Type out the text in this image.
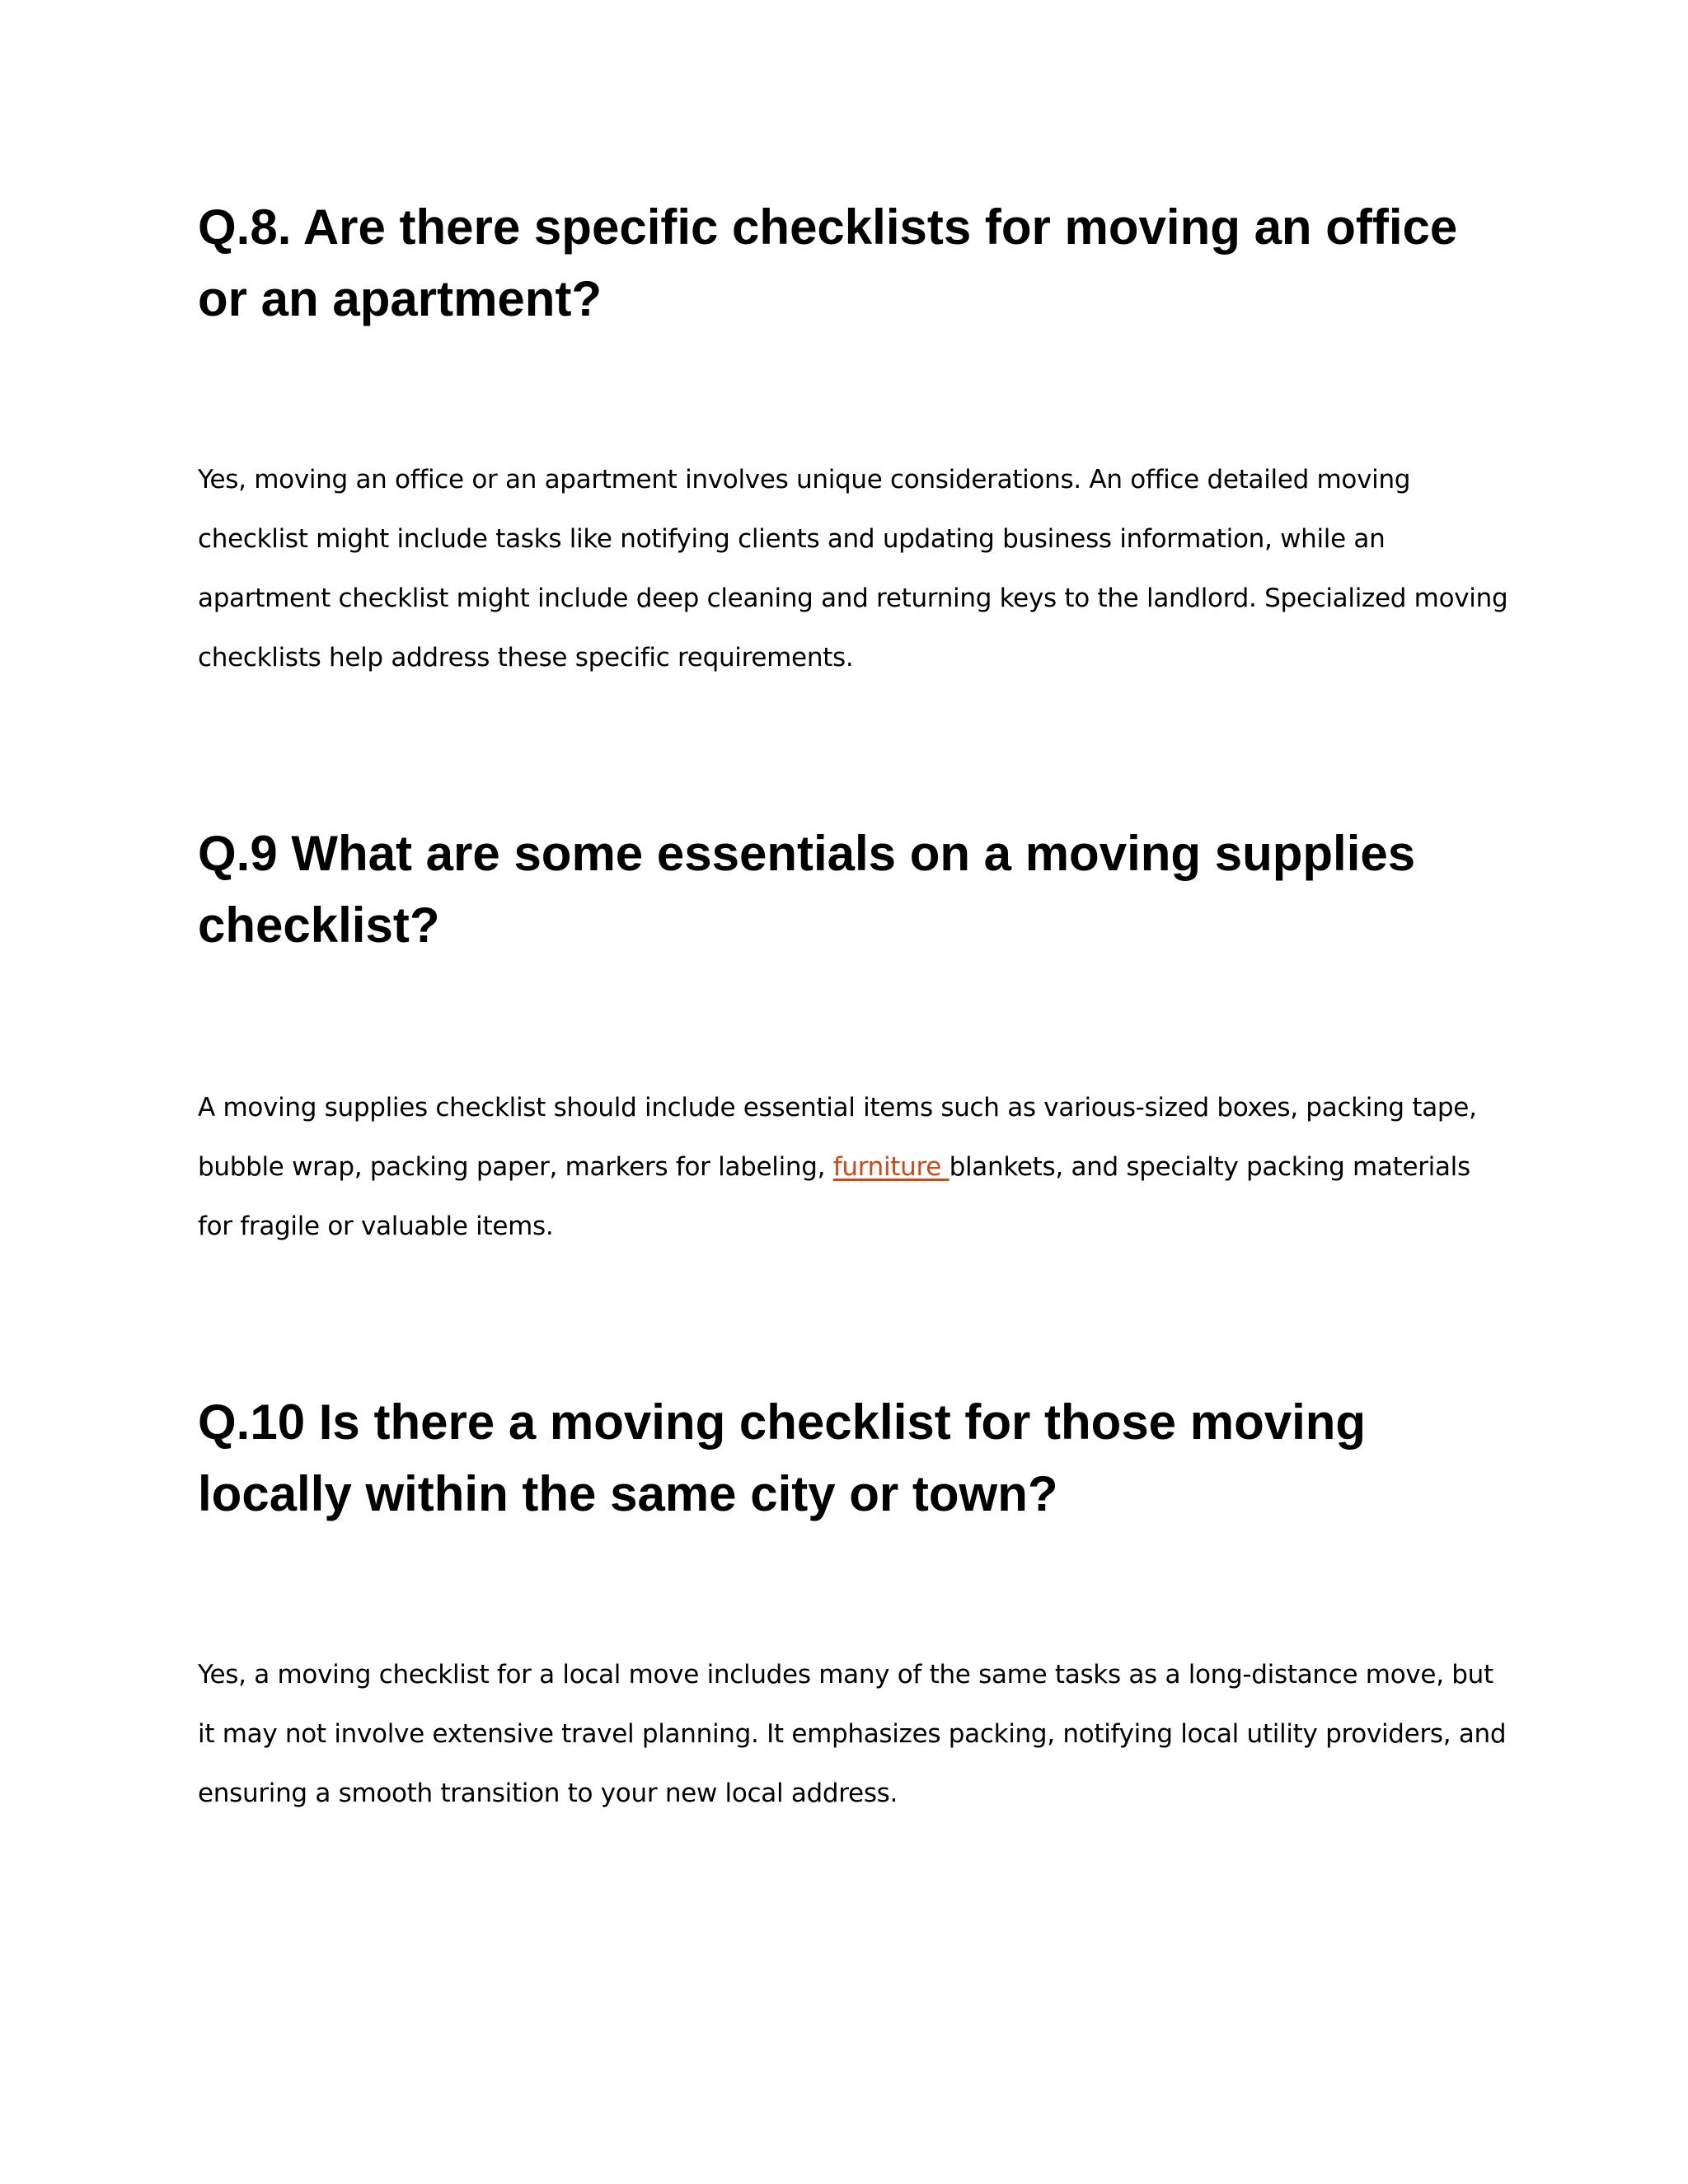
Q.8. Are there specific checklists for moving an office or an apartment?

Yes, moving an office or an apartment involves unique considerations. An office detailed moving checklist might include tasks like notifying clients and updating business information, while an apartment checklist might include deep cleaning and returning keys to the landlord. Specialized moving checklists help address these specific requirements.

Q.9 What are some essentials on a moving supplies checklist?

A moving supplies checklist should include essential items such as various-sized boxes, packing tape, bubble wrap, packing paper, markers for labeling, furniture blankets, and specialty packing materials for fragile or valuable items.

Q.10 Is there a moving checklist for those moving locally within the same city or town?

Yes, a moving checklist for a local move includes many of the same tasks as a long-distance move, but it may not involve extensive travel planning. It emphasizes packing, notifying local utility providers, and ensuring a smooth transition to your new local address.
